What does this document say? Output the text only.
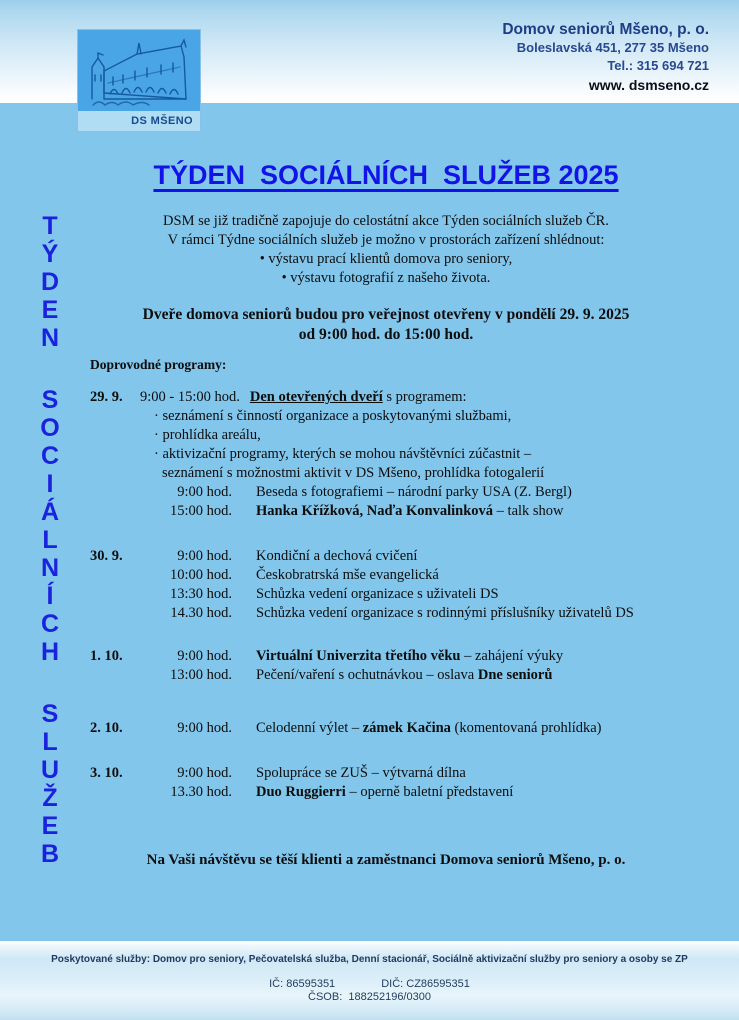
Domov seniorů Mšeno, p. o.
Boleslavská 451, 277 35 Mšeno
Tel.: 315 694 721
www. dsmseno.cz
DS MŠENO
T
Ý
D
E
N
S
O
C
I
Á
L
N
Í
C
H
S
L
U
Ž
E
B
TÝDEN  SOCIÁLNÍCH  SLUŽEB 2025
DSM se již tradičně zapojuje do celostátní akce Týden sociálních služeb ČR.
V rámci Týdne sociálních služeb je možno v prostorách zařízení shlédnout:
• výstavu prací klientů domova pro seniory,
• výstavu fotografií z našeho života.
Dveře domova seniorů budou pro veřejnost otevřeny v pondělí 29. 9. 2025
od 9:00 hod. do 15:00 hod.
Doprovodné programy:
29. 9.	9:00 - 15:00 hod. Den otevřených dveří s programem:
· seznámení s činností organizace a poskytovanými službami,
· prohlídka areálu,
· aktivizační programy, kterých se mohou návštěvníci zúčastnit –
seznámení s možnostmi aktivit v DS Mšeno, prohlídka fotogalerií
9:00 hod.	Beseda s fotografiemi – národní parky USA (Z. Bergl)
15:00 hod.	Hanka Křížková, Naďa Konvalinková – talk show
30. 9.	9:00 hod.	Kondiční a dechová cvičení
10:00 hod.	Českobratrská mše evangelická
13:30 hod.	Schůzka vedení organizace s uživateli DS
14.30 hod.	Schůzka vedení organizace s rodinnými příslušníky uživatelů DS
1. 10.	9:00 hod.	Virtuální Univerzita třetího věku – zahájení výuky
13:00 hod.	Pečení/vaření s ochutnávkou – oslava Dne seniorů
2. 10.	9:00 hod.	Celodenní výlet – zámek Kačina (komentovaná prohlídka)
3. 10.	9:00 hod.	Spolupráce se ZUŠ – výtvarná dílna
13.30 hod.	Duo Ruggierri – operně baletní představení
Na Vaši návštěvu se těší klienti a zaměstnanci Domova seniorů Mšeno, p. o.
Poskytované služby: Domov pro seniory, Pečovatelská služba, Denní stacionář, Sociálně aktivizační služby pro seniory a osoby se ZP
IČ: 86595351	DIČ: CZ86595351
ČSOB:  188252196/0300
